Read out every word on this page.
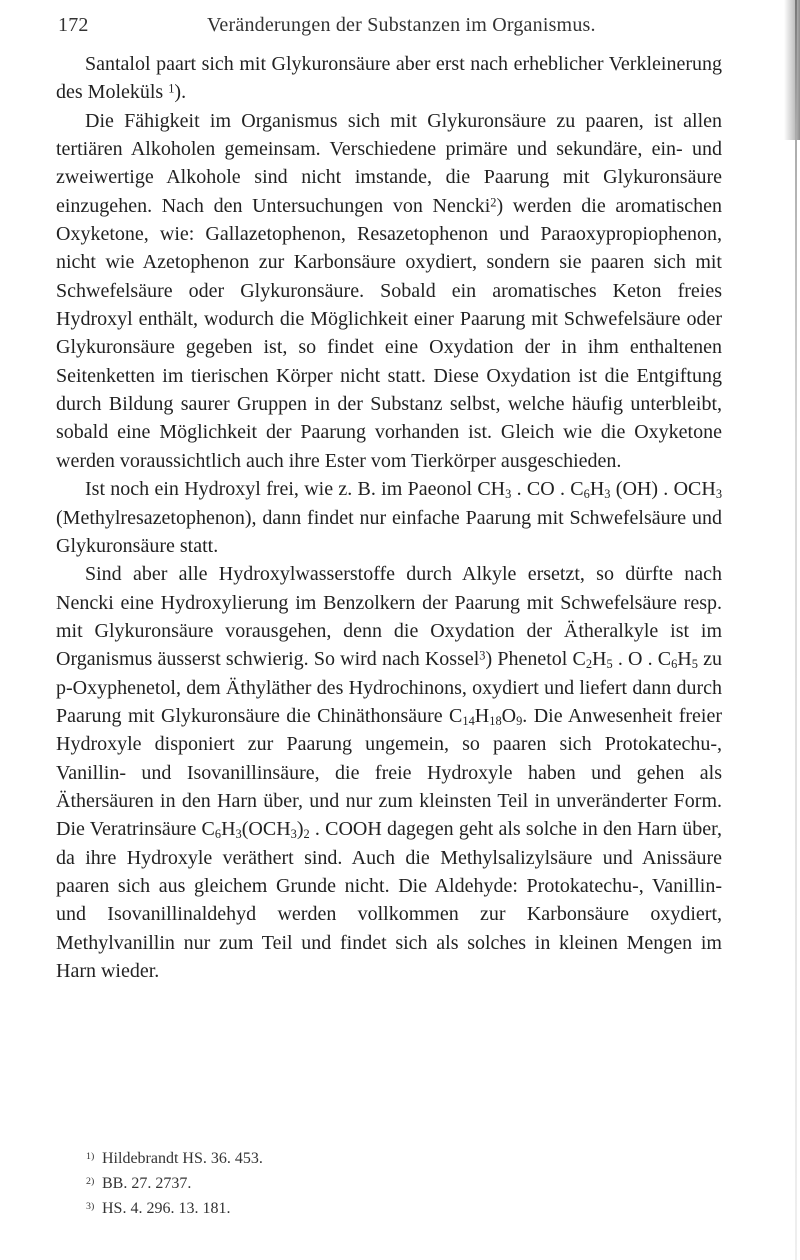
172	Veränderungen der Substanzen im Organismus.

Santalol paart sich mit Glykuronsäure aber erst nach erheblicher Verkleinerung des Moleküls $^1$).

Die Fähigkeit im Organismus sich mit Glykuronsäure zu paaren, ist allen tertiären Alkoholen gemeinsam. Verschiedene primäre und sekundäre, ein- und zweiwertige Alkohole sind nicht imstande, die Paarung mit Glykuronsäure einzugehen. Nach den Untersuchungen von Nencki$^2$) werden die aromatischen Oxyketone, wie: Gallazetophenon, Resazetophenon und Paraoxypropiophenon, nicht wie Azetophenon zur Karbonsäure oxydiert, sondern sie paaren sich mit Schwefelsäure oder Glykuronsäure. Sobald ein aromatisches Keton freies Hydroxyl enthält, wodurch die Möglichkeit einer Paarung mit Schwefelsäure oder Glykuronsäure gegeben ist, so findet eine Oxydation der in ihm enthaltenen Seitenketten im tierischen Körper nicht statt. Diese Oxydation ist die Entgiftung durch Bildung saurer Gruppen in der Substanz selbst, welche häufig unterbleibt, sobald eine Möglichkeit der Paarung vorhanden ist. Gleich wie die Oxyketone werden voraussichtlich auch ihre Ester vom Tierkörper ausgeschieden.

Ist noch ein Hydroxyl frei, wie z. B. im Paeonol $CH_3$ . CO . $C_6H_3$ (OH) . $OCH_3$ (Methylresazetophenon), dann findet nur einfache Paarung mit Schwefelsäure und Glykuronsäure statt.

Sind aber alle Hydroxylwasserstoffe durch Alkyle ersetzt, so dürfte nach Nencki eine Hydroxylierung im Benzolkern der Paarung mit Schwefelsäure resp. mit Glykuronsäure vorausgehen, denn die Oxydation der Ätheralkyle ist im Organismus äusserst schwierig. So wird nach Kossel$^3$) Phenetol $C_2H_5$ . O . $C_6H_5$ zu p-Oxyphenetol, dem Äthyläther des Hydrochinons, oxydiert und liefert dann durch Paarung mit Glykuronsäure die Chinäthonsäure $C_{14}H_{18}O_9$. Die Anwesenheit freier Hydroxyle disponiert zur Paarung ungemein, so paaren sich Protokatechu-, Vanillin- und Isovanillinsäure, die freie Hydroxyle haben und gehen als Äthersäuren in den Harn über, und nur zum kleinsten Teil in unveränderter Form. Die Veratrinsäure $C_6H_3(OCH_3)_2$ . COOH dagegen geht als solche in den Harn über, da ihre Hydroxyle veräthert sind. Auch die Methylsalizylsäure und Anissäure paaren sich aus gleichem Grunde nicht. Die Aldehyde: Protokatechu-, Vanillin- und Isovanillinaldehyd werden vollkommen zur Karbonsäure oxydiert, Methylvanillin nur zum Teil und findet sich als solches in kleinen Mengen im Harn wieder.

$^{1)}$ Hildebrandt HS. 36. 453.
$^{2)}$ BB. 27. 2737.
$^{3)}$ HS. 4. 296. 13. 181.
